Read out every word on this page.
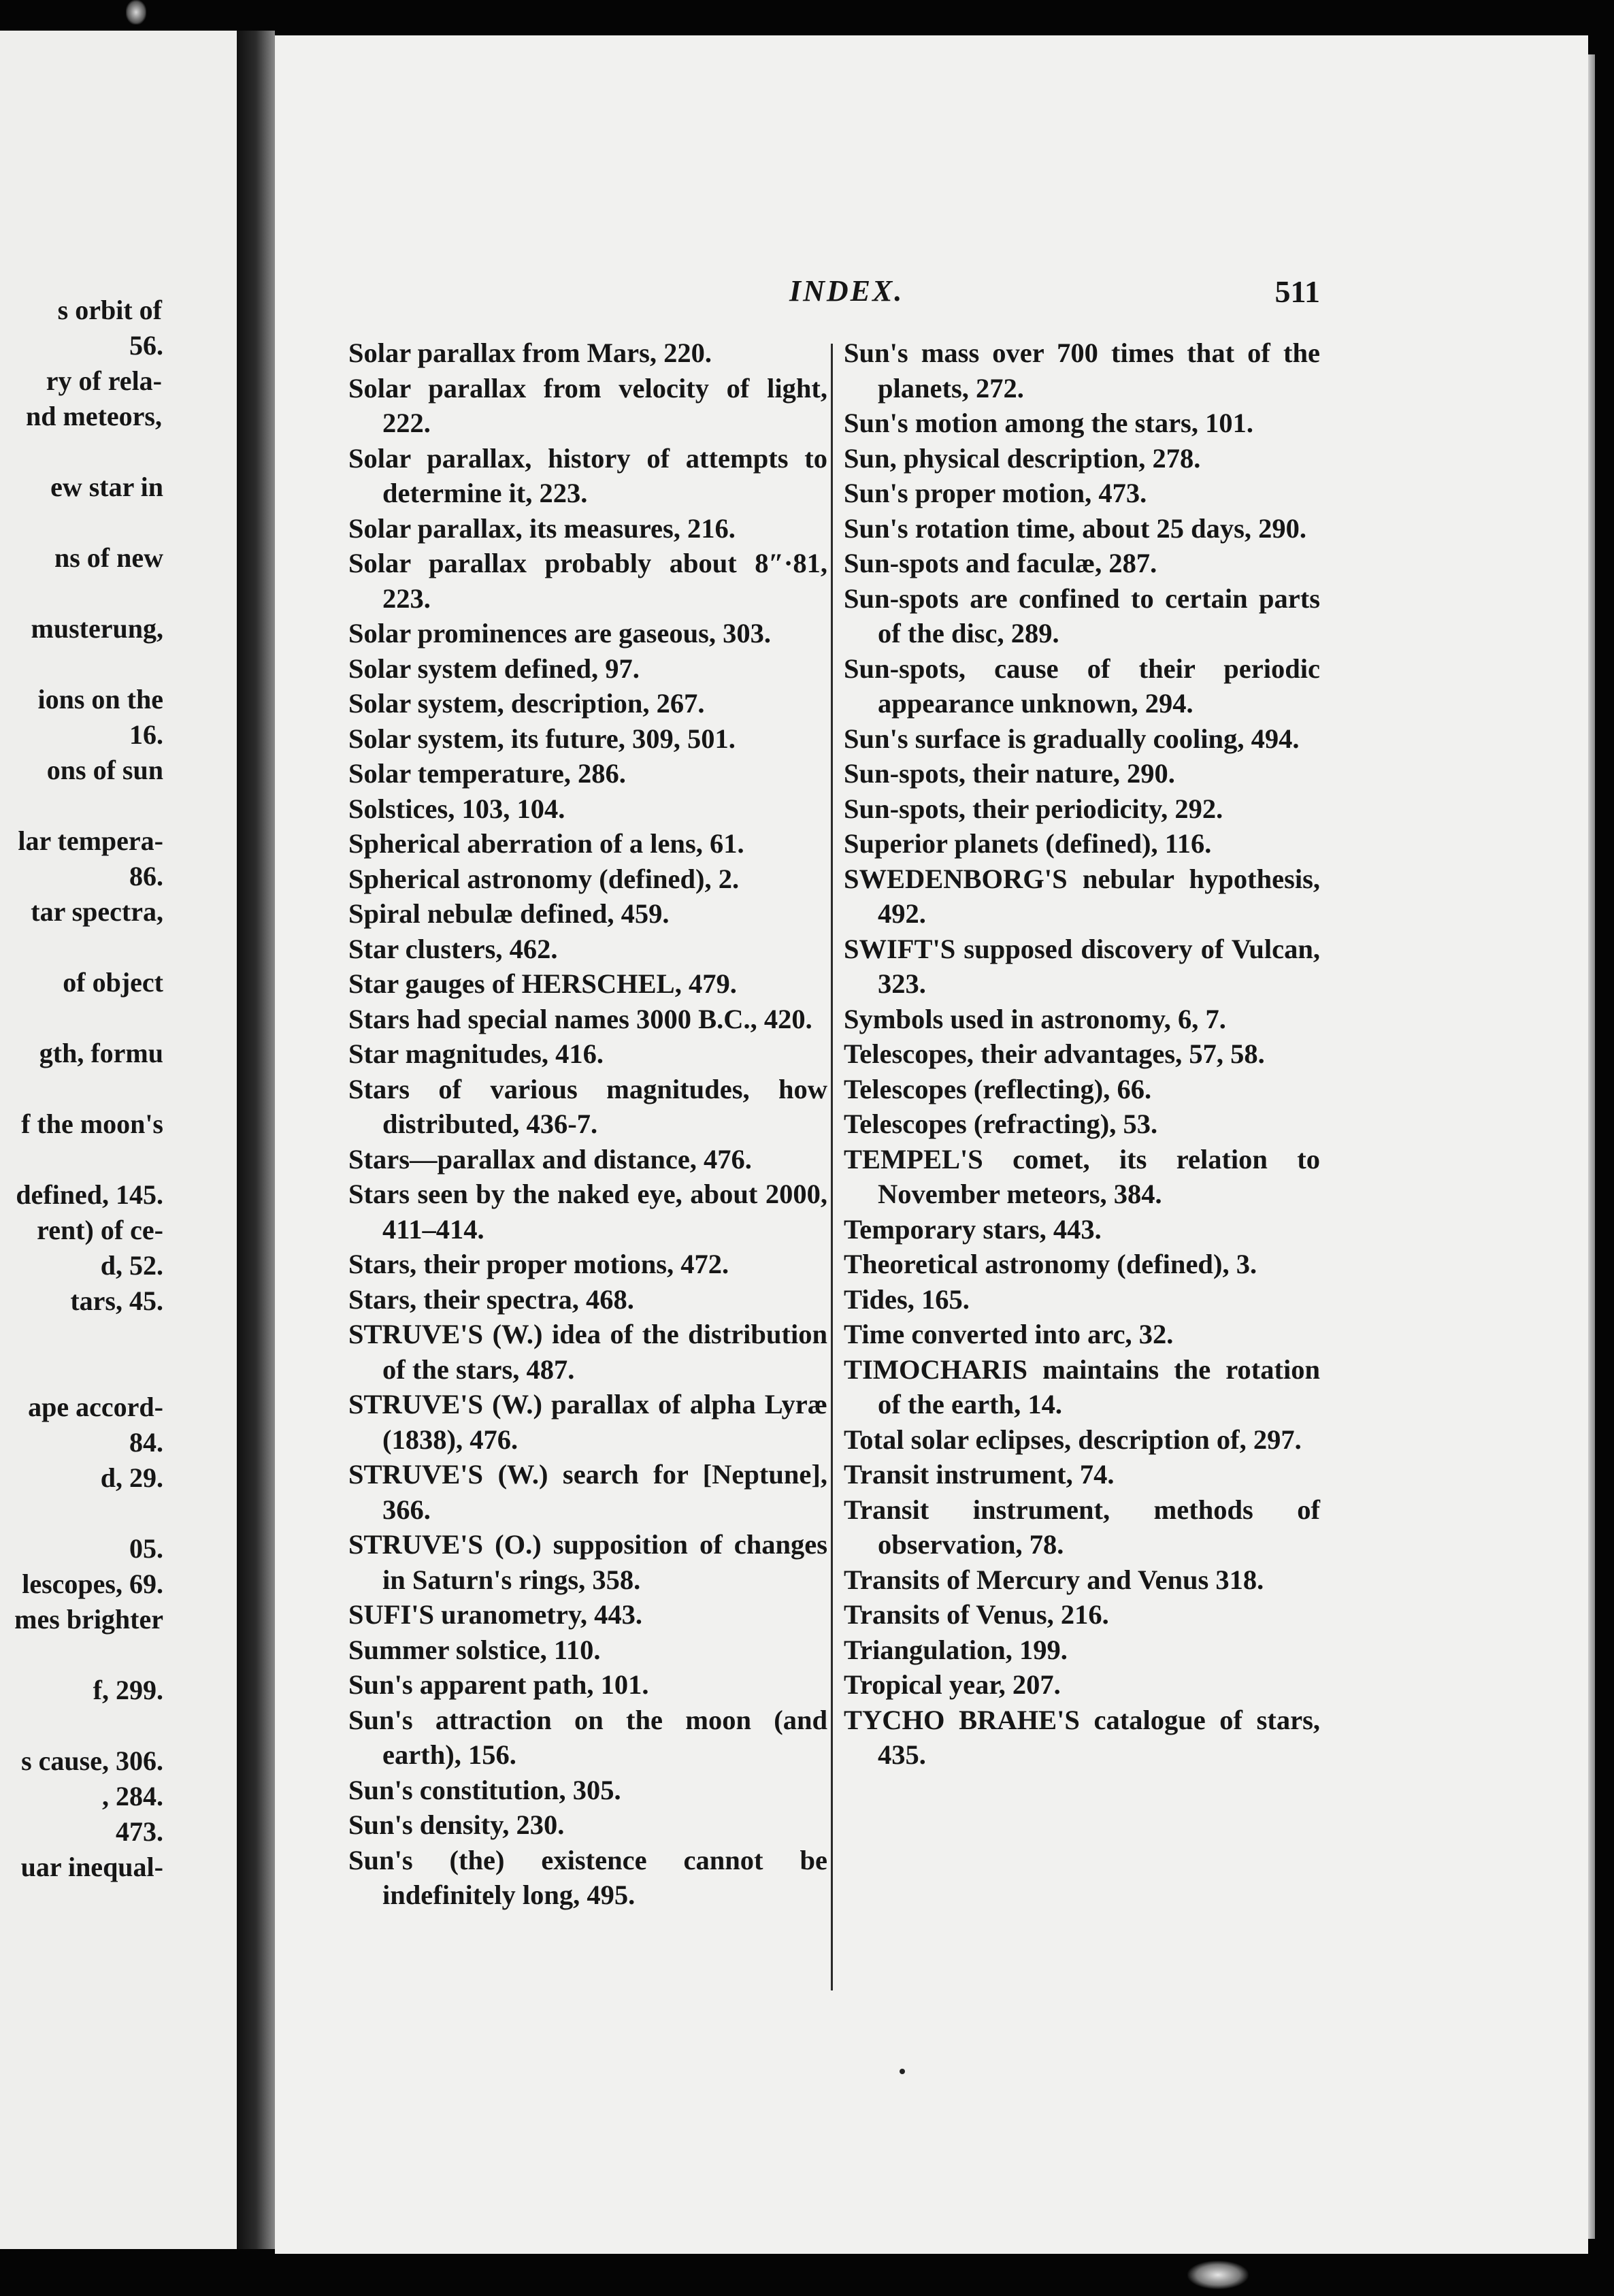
s orbit of
56.
ry of rela-
nd meteors,
ew star in
ns of new
musterung,
ions on the
16.
ons of sun
lar tempera-
86.
tar spectra,
of object
gth, formu
f the moon's
defined, 145.
rent) of ce-
d, 52.
tars, 45.
ape accord-
84.
d, 29.
05.
lescopes, 69.
mes brighter
f, 299.
s cause, 306.
, 284.
473.
uar inequal-
INDEX.	511
Solar parallax from Mars, 220.
Solar parallax from velocity of light, 222.
Solar parallax, history of attempts to determine it, 223.
Solar parallax, its measures, 216.
Solar parallax probably about 8″·81, 223.
Solar prominences are gaseous, 303.
Solar system defined, 97.
Solar system, description, 267.
Solar system, its future, 309, 501.
Solar temperature, 286.
Solstices, 103, 104.
Spherical aberration of a lens, 61.
Spherical astronomy (defined), 2.
Spiral nebulæ defined, 459.
Star clusters, 462.
Star gauges of HERSCHEL, 479.
Stars had special names 3000 B.C., 420.
Star magnitudes, 416.
Stars of various magnitudes, how distributed, 436-7.
Stars—parallax and distance, 476.
Stars seen by the naked eye, about 2000, 411–414.
Stars, their proper motions, 472.
Stars, their spectra, 468.
STRUVE'S (W.) idea of the distribution of the stars, 487.
STRUVE'S (W.) parallax of alpha Lyræ (1838), 476.
STRUVE'S (W.) search for [Neptune], 366.
STRUVE'S (O.) supposition of changes in Saturn's rings, 358.
SUFI'S uranometry, 443.
Summer solstice, 110.
Sun's apparent path, 101.
Sun's attraction on the moon (and earth), 156.
Sun's constitution, 305.
Sun's density, 230.
Sun's (the) existence cannot be indefinitely long, 495.
Sun's mass over 700 times that of the planets, 272.
Sun's motion among the stars, 101.
Sun, physical description, 278.
Sun's proper motion, 473.
Sun's rotation time, about 25 days, 290.
Sun-spots and faculæ, 287.
Sun-spots are confined to certain parts of the disc, 289.
Sun-spots, cause of their periodic appearance unknown, 294.
Sun's surface is gradually cooling, 494.
Sun-spots, their nature, 290.
Sun-spots, their periodicity, 292.
Superior planets (defined), 116.
SWEDENBORG'S nebular hypothesis, 492.
SWIFT'S supposed discovery of Vulcan, 323.
Symbols used in astronomy, 6, 7.
Telescopes, their advantages, 57, 58.
Telescopes (reflecting), 66.
Telescopes (refracting), 53.
TEMPEL'S comet, its relation to November meteors, 384.
Temporary stars, 443.
Theoretical astronomy (defined), 3.
Tides, 165.
Time converted into arc, 32.
TIMOCHARIS maintains the rotation of the earth, 14.
Total solar eclipses, description of, 297.
Transit instrument, 74.
Transit instrument, methods of observation, 78.
Transits of Mercury and Venus 318.
Transits of Venus, 216.
Triangulation, 199.
Tropical year, 207.
TYCHO BRAHE'S catalogue of stars, 435.
